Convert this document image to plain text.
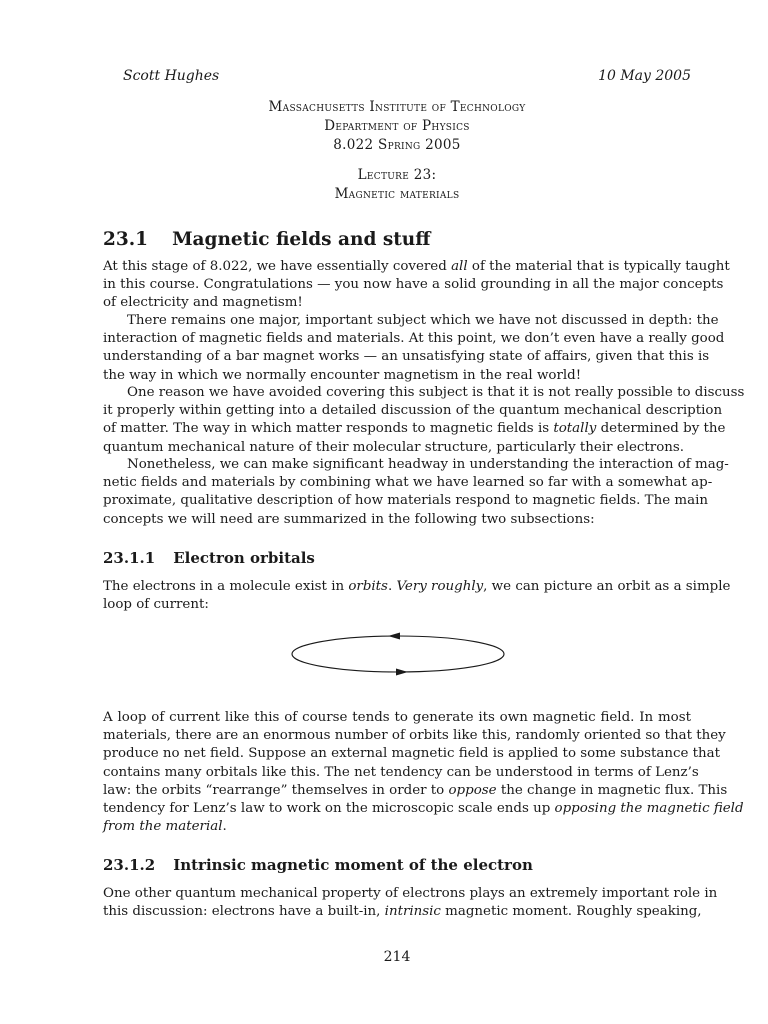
Scott Hughes	10 May 2005
Massachusetts Institute of Technology
Department of Physics
8.022 Spring 2005
Lecture 23:
Magnetic materials
23.1 Magnetic fields and stuff
At this stage of 8.022, we have essentially covered all of the material that is typically taught
in this course. Congratulations — you now have a solid grounding in all the major concepts
of electricity and magnetism!
There remains one major, important subject which we have not discussed in depth: the
interaction of magnetic fields and materials. At this point, we don’t even have a really good
understanding of a bar magnet works — an unsatisfying state of affairs, given that this is
the way in which we normally encounter magnetism in the real world!
One reason we have avoided covering this subject is that it is not really possible to discuss
it properly within getting into a detailed discussion of the quantum mechanical description
of matter. The way in which matter responds to magnetic fields is totally determined by the
quantum mechanical nature of their molecular structure, particularly their electrons.
Nonetheless, we can make significant headway in understanding the interaction of mag-
netic fields and materials by combining what we have learned so far with a somewhat ap-
proximate, qualitative description of how materials respond to magnetic fields. The main
concepts we will need are summarized in the following two subsections:
23.1.1 Electron orbitals
The electrons in a molecule exist in orbits. Very roughly, we can picture an orbit as a simple
loop of current:
A loop of current like this of course tends to generate its own magnetic field. In most
materials, there are an enormous number of orbits like this, randomly oriented so that they
produce no net field. Suppose an external magnetic field is applied to some substance that
contains many orbitals like this. The net tendency can be understood in terms of Lenz’s
law: the orbits “rearrange” themselves in order to oppose the change in magnetic flux. This
tendency for Lenz’s law to work on the microscopic scale ends up opposing the magnetic field
from the material.
23.1.2 Intrinsic magnetic moment of the electron
One other quantum mechanical property of electrons plays an extremely important role in
this discussion: electrons have a built-in, intrinsic magnetic moment. Roughly speaking,
214
